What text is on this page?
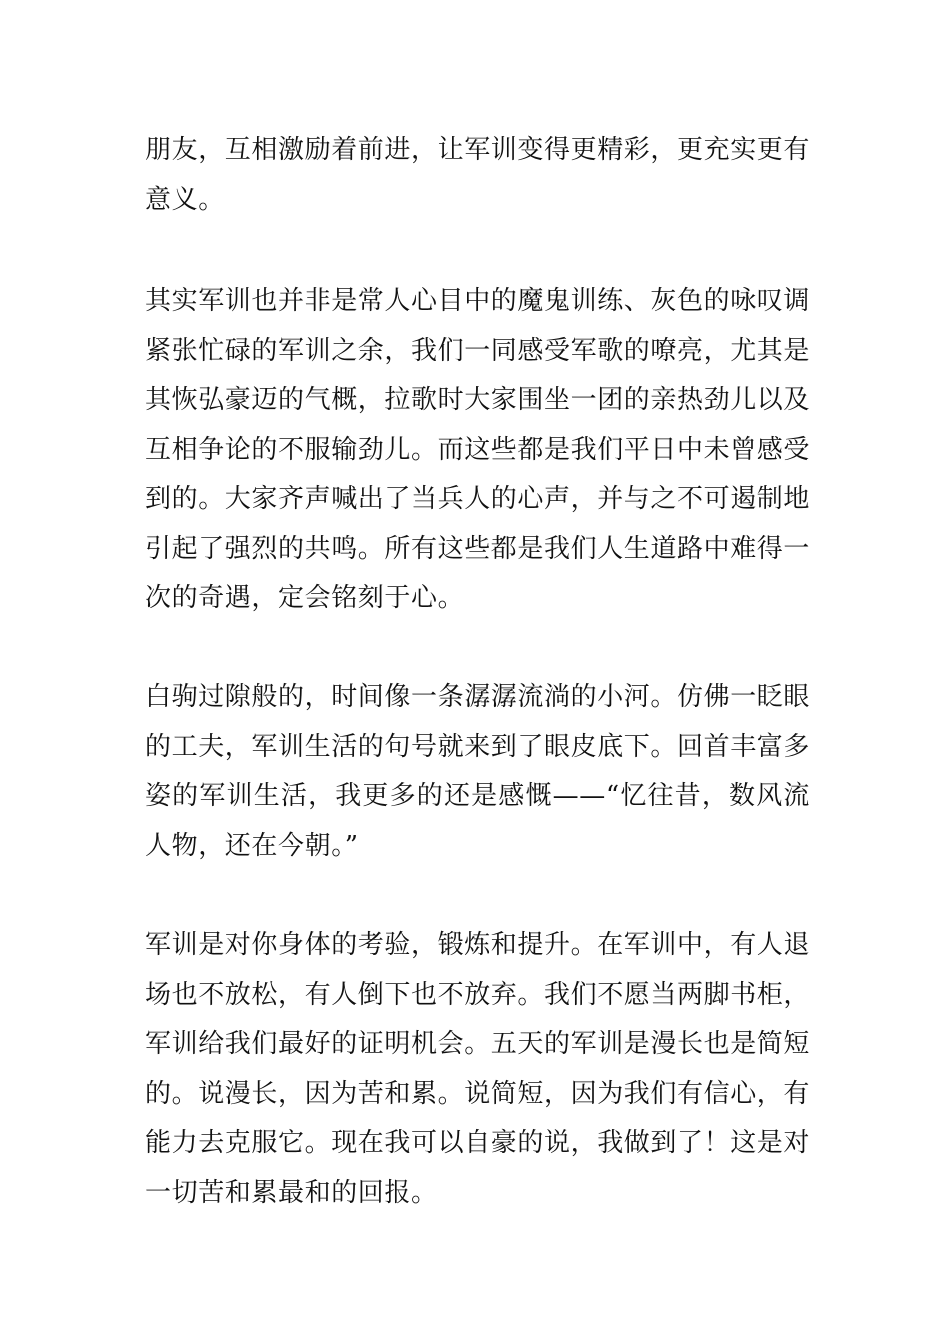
朋友，互相激励着前进，让军训变得更精彩，更充实更有意义。

其实军训也并非是常人心目中的魔鬼训练、灰色的咏叹调紧张忙碌的军训之余，我们一同感受军歌的嘹亮，尤其是其恢弘豪迈的气概，拉歌时大家围坐一团的亲热劲儿以及互相争论的不服输劲儿。而这些都是我们平日中未曾感受到的。大家齐声喊出了当兵人的心声，并与之不可遏制地引起了强烈的共鸣。所有这些都是我们人生道路中难得一次的奇遇，定会铭刻于心。

白驹过隙般的，时间像一条潺潺流淌的小河。仿佛一眨眼的工夫，军训生活的句号就来到了眼皮底下。回首丰富多姿的军训生活，我更多的还是感慨——“忆往昔，数风流人物，还在今朝。”

军训是对你身体的考验，锻炼和提升。在军训中，有人退场也不放松，有人倒下也不放弃。我们不愿当两脚书柜，军训给我们最好的证明机会。五天的军训是漫长也是简短的。说漫长，因为苦和累。说简短，因为我们有信心，有能力去克服它。现在我可以自豪的说，我做到了！这是对一切苦和累最和的回报。
